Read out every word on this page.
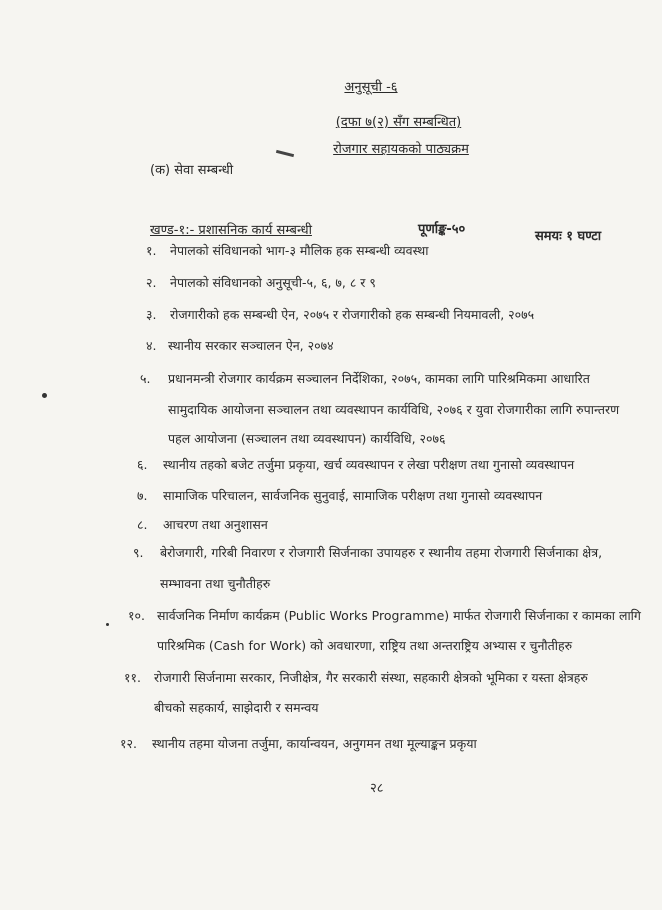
अनुसूची -६
(दफा ७(२) सँग सम्बन्धित)
रोजगार सहायकको पाठ्यक्रम
(क) सेवा सम्बन्धी
खण्ड-१:- प्रशासनिक कार्य सम्बन्धी	पूर्णाङ्क-५०	समयः १ घण्टा
१. नेपालको संविधानको भाग-३ मौलिक हक सम्बन्धी व्यवस्था
२. नेपालको संविधानको अनुसूची-५, ६, ७, ८ र ९
३. रोजगारीको हक सम्बन्धी ऐन, २०७५ र रोजगारीको हक सम्बन्धी नियमावली, २०७५
४. स्थानीय सरकार सञ्चालन ऐन, २०७४
५. प्रधानमन्त्री रोजगार कार्यक्रम सञ्चालन निर्देशिका, २०७५, कामका लागि पारिश्रमिकमा आधारित
सामुदायिक आयोजना सञ्चालन तथा व्यवस्थापन कार्यविधि, २०७६ र युवा रोजगारीका लागि रुपान्तरण
पहल आयोजना (सञ्चालन तथा व्यवस्थापन) कार्यविधि, २०७६
६. स्थानीय तहको बजेट तर्जुमा प्रकृया, खर्च व्यवस्थापन र लेखा परीक्षण तथा गुनासो व्यवस्थापन
७. सामाजिक परिचालन, सार्वजनिक सुनुवाई, सामाजिक परीक्षण तथा गुनासो व्यवस्थापन
८. आचरण तथा अनुशासन
९. बेरोजगारी, गरिबी निवारण र रोजगारी सिर्जनाका उपायहरु र स्थानीय तहमा रोजगारी सिर्जनाका क्षेत्र,
सम्भावना तथा चुनौतीहरु
१०. सार्वजनिक निर्माण कार्यक्रम (Public Works Programme) मार्फत रोजगारी सिर्जनाका र कामका लागि
पारिश्रमिक (Cash for Work) को अवधारणा, राष्ट्रिय तथा अन्तराष्ट्रिय अभ्यास र चुनौतीहरु
११. रोजगारी सिर्जनामा सरकार, निजीक्षेत्र, गैर सरकारी संस्था, सहकारी क्षेत्रको भूमिका र यस्ता क्षेत्रहरु
बीचको सहकार्य, साझेदारी र समन्वय
१२. स्थानीय तहमा योजना तर्जुमा, कार्यान्वयन, अनुगमन तथा मूल्याङ्कन प्रकृया
२८
